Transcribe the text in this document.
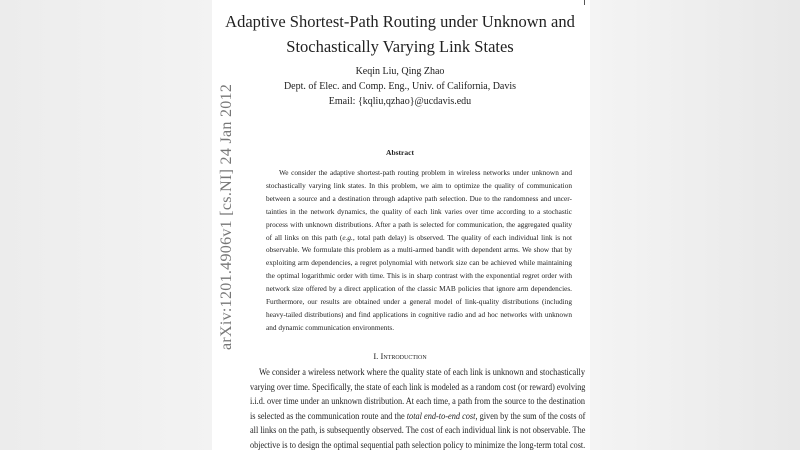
Adaptive Shortest-Path Routing under Unknown and
Stochastically Varying Link States
Keqin Liu, Qing Zhao
Dept. of Elec. and Comp. Eng., Univ. of California, Davis
Email: {kqliu,qzhao}@ucdavis.edu
arXiv:1201.4906v1 [cs.NI] 24 Jan 2012	Abstract
We consider the adaptive shortest-path routing problem in wireless networks under unknown and
stochastically varying link states. In this problem, we aim to optimize the quality of communication
between a source and a destination through adaptive path selection. Due to the randomness and uncer-
tainties in the network dynamics, the quality of each link varies over time according to a stochastic
process with unknown distributions. After a path is selected for communication, the aggregated quality
of all links on this path (e.g., total path delay) is observed. The quality of each individual link is not
observable. We formulate this problem as a multi-armed bandit with dependent arms. We show that by
exploiting arm dependencies, a regret polynomial with network size can be achieved while maintaining
the optimal logarithmic order with time. This is in sharp contrast with the exponential regret order with
network size offered by a direct application of the classic MAB policies that ignore arm dependencies.
Furthermore, our results are obtained under a general model of link-quality distributions (including
heavy-tailed distributions) and find applications in cognitive radio and ad hoc networks with unknown
and dynamic communication environments.
I. Introduction
We consider a wireless network where the quality state of each link is unknown and stochastically
varying over time. Specifically, the state of each link is modeled as a random cost (or reward) evolving
i.i.d. over time under an unknown distribution. At each time, a path from the source to the destination
is selected as the communication route and the total end-to-end cost, given by the sum of the costs of
all links on the path, is subsequently observed. The cost of each individual link is not observable. The
objective is to design the optimal sequential path selection policy to minimize the long-term total cost.
